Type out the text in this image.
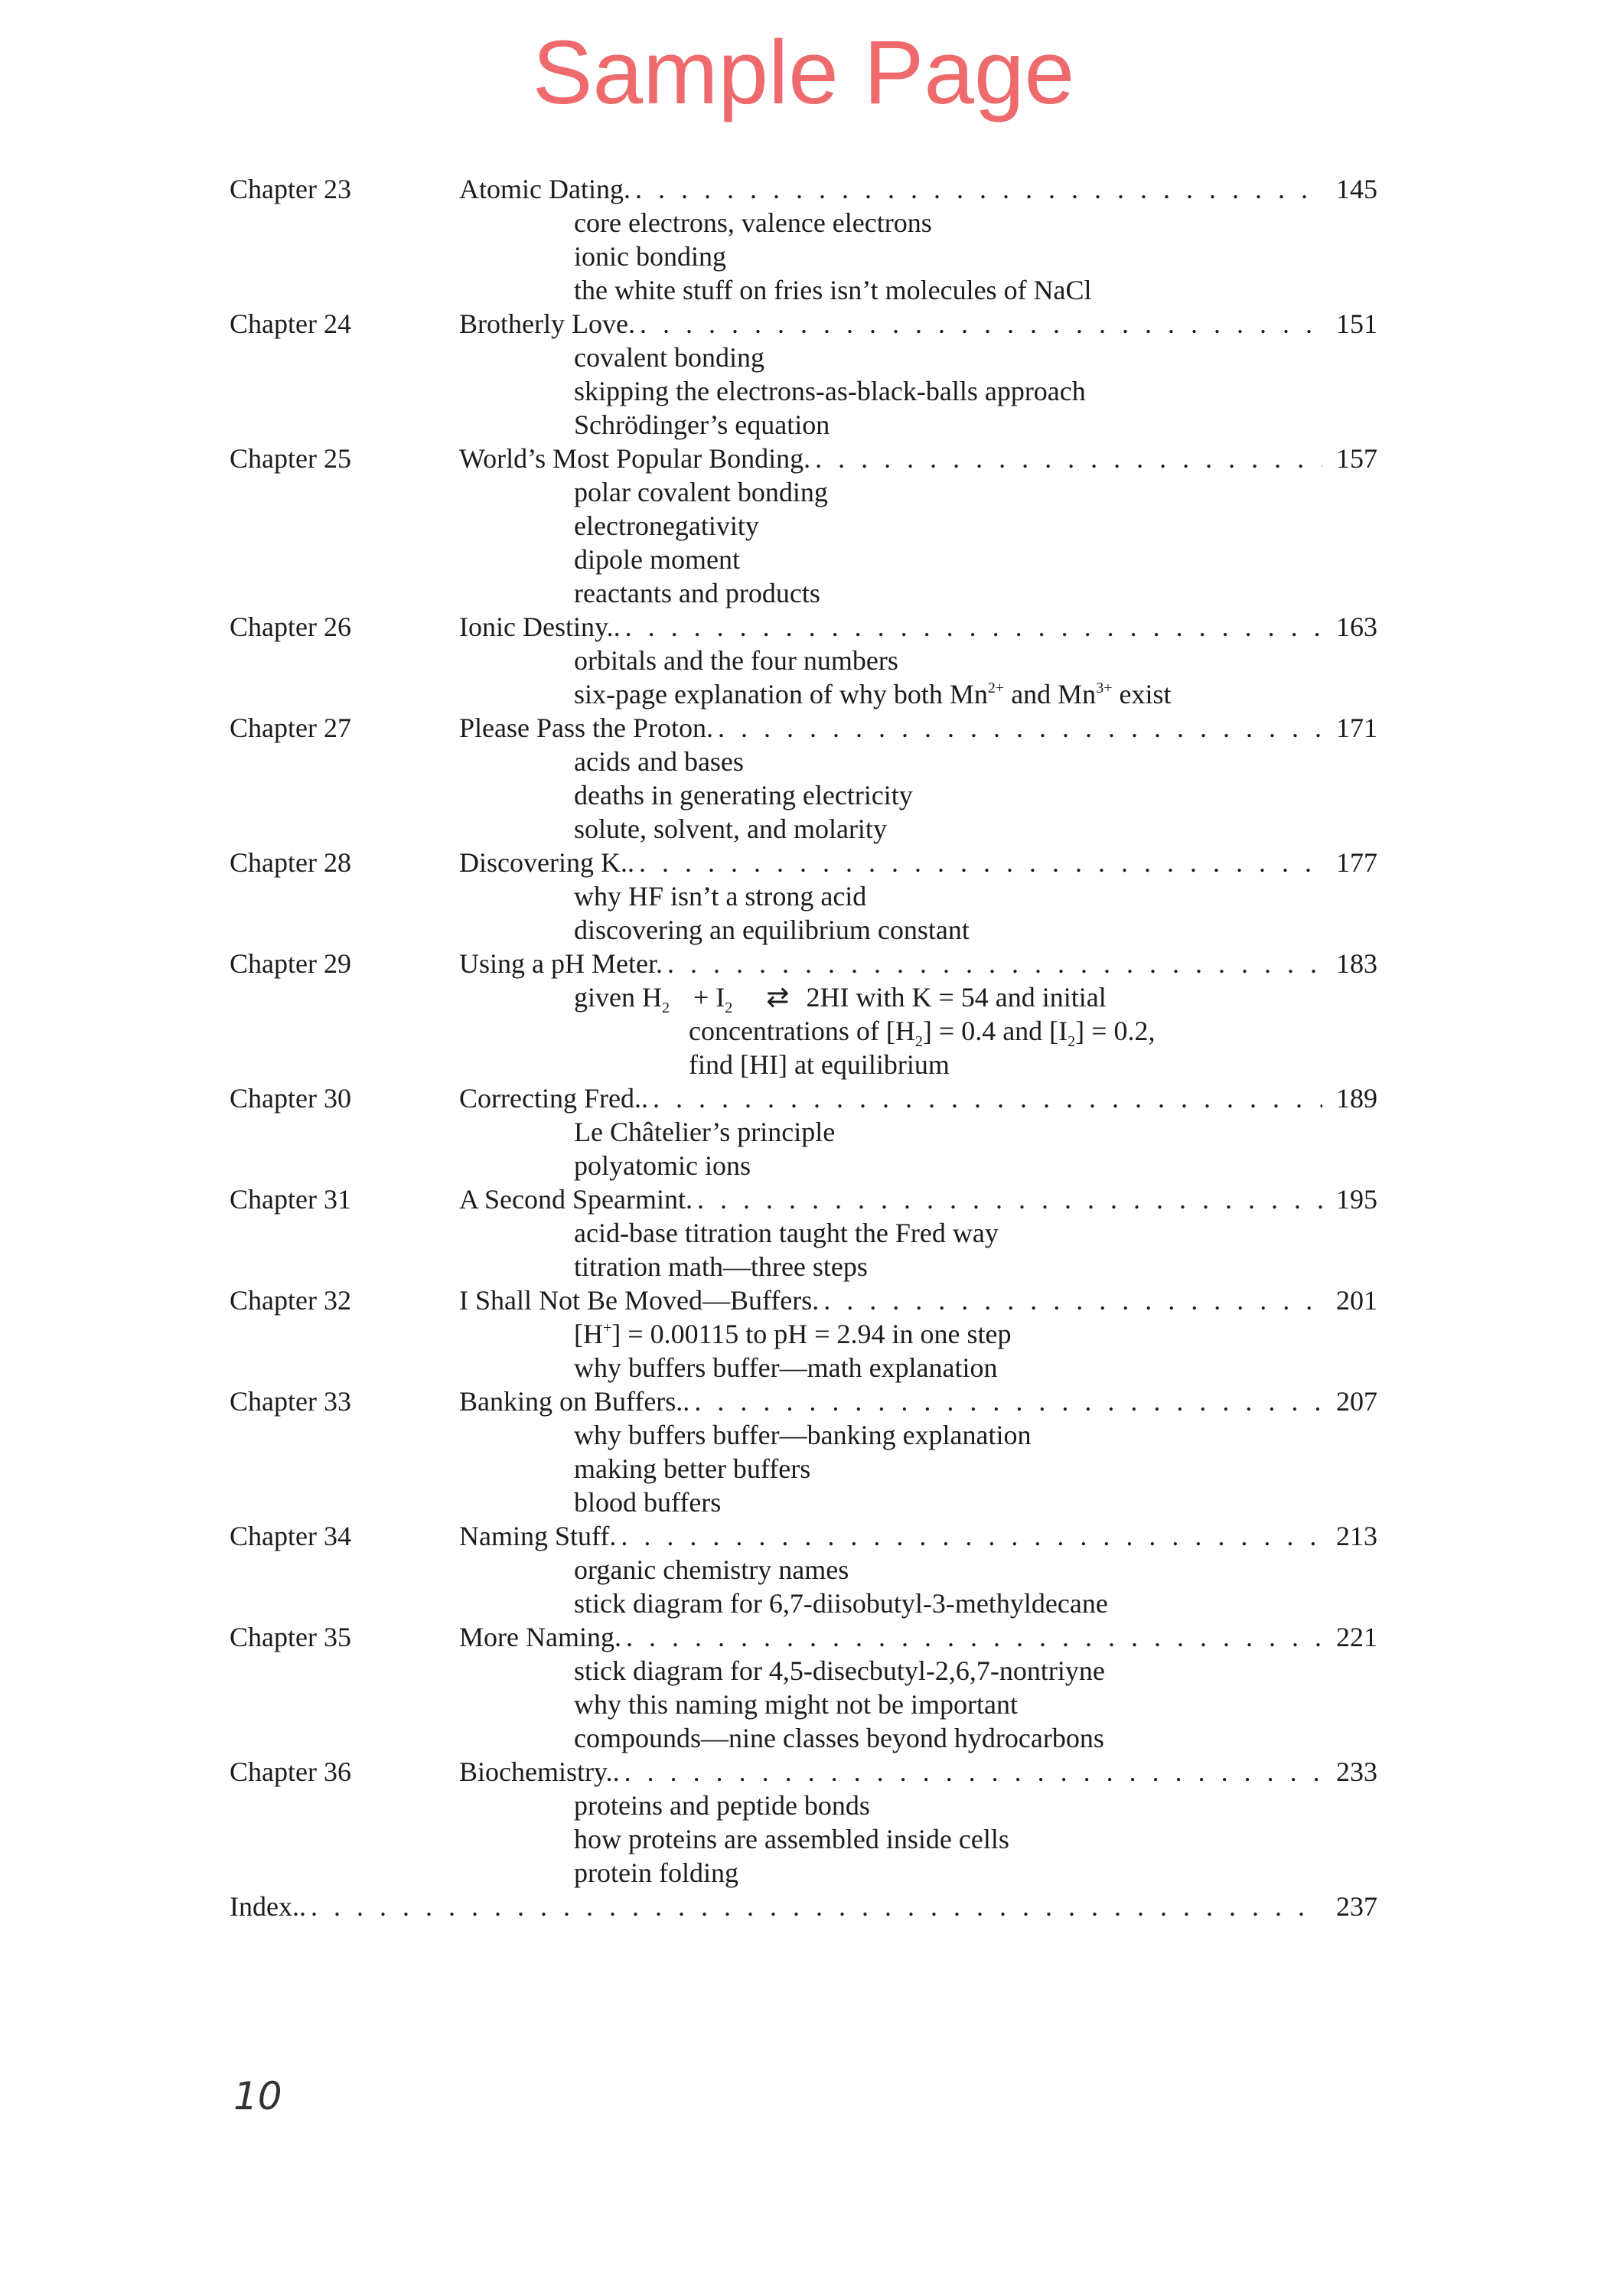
Sample Page
Chapter 23	Atomic Dating. . . .	145
core electrons, valence electrons
ionic bonding
the white stuff on fries isn’t molecules of NaCl
Chapter 24	Brotherly Love. . . .	151
covalent bonding
skipping the electrons-as-black-balls approach
Schrödinger’s equation
Chapter 25	World’s Most Popular Bonding. . . .	157
polar covalent bonding
electronegativity
dipole moment
reactants and products
Chapter 26	Ionic Destiny.. . . .	163
orbitals and the four numbers
six-page explanation of why both $Mn^{2+}$ and $Mn^{3+}$ exist
Chapter 27	Please Pass the Proton. . . .	171
acids and bases
deaths in generating electricity
solute, solvent, and molarity
Chapter 28	Discovering K.. . . .	177
why HF isn’t a strong acid
discovering an equilibrium constant
Chapter 29	Using a pH Meter. . . .	183
given $H_2 + I_2$ ⇄ 2HI with K = 54 and initial
concentrations of $[H_2] = 0.4$ and $[I_2] = 0.2$,
find [HI] at equilibrium
Chapter 30	Correcting Fred.. . . .	189
Le Châtelier’s principle
polyatomic ions
Chapter 31	A Second Spearmint. . . .	195
acid-base titration taught the Fred way
titration math—three steps
Chapter 32	I Shall Not Be Moved—Buffers. . . .	201
[H+] = 0.00115 to pH = 2.94 in one step
why buffers buffer—math explanation
Chapter 33	Banking on Buffers.. . . .	207
why buffers buffer—banking explanation
making better buffers
blood buffers
Chapter 34	Naming Stuff. . . .	213
organic chemistry names
stick diagram for 6,7-diisobutyl-3-methyldecane
Chapter 35	More Naming. . . .	221
stick diagram for 4,5-disecbutyl-2,6,7-nontriyne
why this naming might not be important
compounds—nine classes beyond hydrocarbons
Chapter 36	Biochemistry.. . . .	233
proteins and peptide bonds
how proteins are assembled inside cells
protein folding
Index.. . . .	237
10
